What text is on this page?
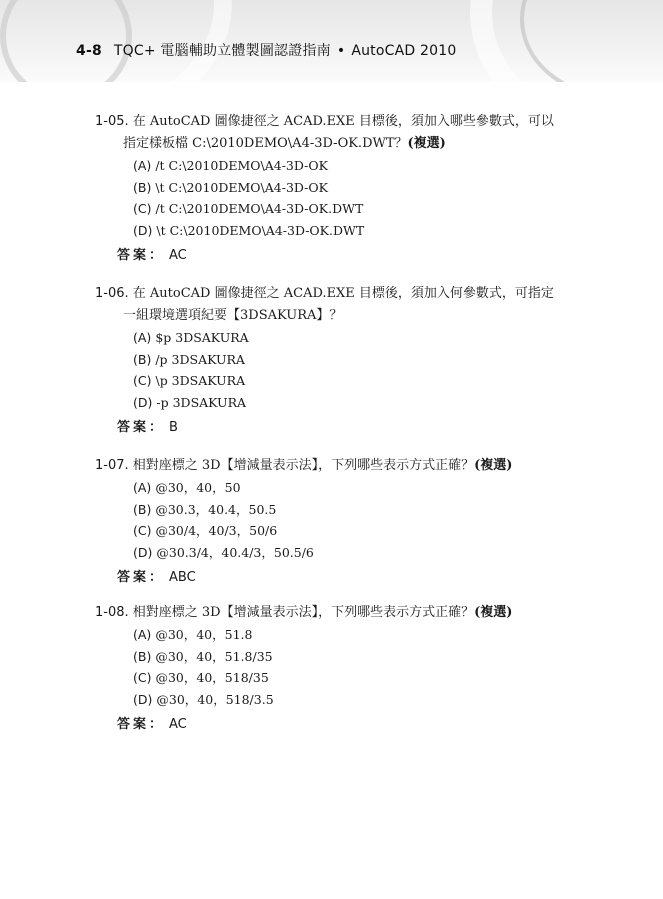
4-8 TQC+ 電腦輔助立體製圖認證指南 • AutoCAD 2010
1-05. 在 AutoCAD 圖像捷徑之 ACAD.EXE 目標後，須加入哪些參數式，可以
指定樣板檔 C:\2010DEMO\A4-3D-OK.DWT？(複選)
(A) /t C:\2010DEMO\A4-3D-OK
(B) \t C:\2010DEMO\A4-3D-OK
(C) /t C:\2010DEMO\A4-3D-OK.DWT
(D) \t C:\2010DEMO\A4-3D-OK.DWT
答案： AC
1-06. 在 AutoCAD 圖像捷徑之 ACAD.EXE 目標後，須加入何參數式，可指定
一組環境選項紀要【3DSAKURA】？
(A) $p 3DSAKURA
(B) /p 3DSAKURA
(C) \p 3DSAKURA
(D) -p 3DSAKURA
答案： B
1-07. 相對座標之 3D【增減量表示法】，下列哪些表示方式正確？(複選)
(A) @30，40，50
(B) @30.3，40.4，50.5
(C) @30/4，40/3，50/6
(D) @30.3/4，40.4/3，50.5/6
答案： ABC
1-08. 相對座標之 3D【增減量表示法】，下列哪些表示方式正確？(複選)
(A) @30，40，51.8
(B) @30，40，51.8/35
(C) @30，40，518/35
(D) @30，40，518/3.5
答案： AC
